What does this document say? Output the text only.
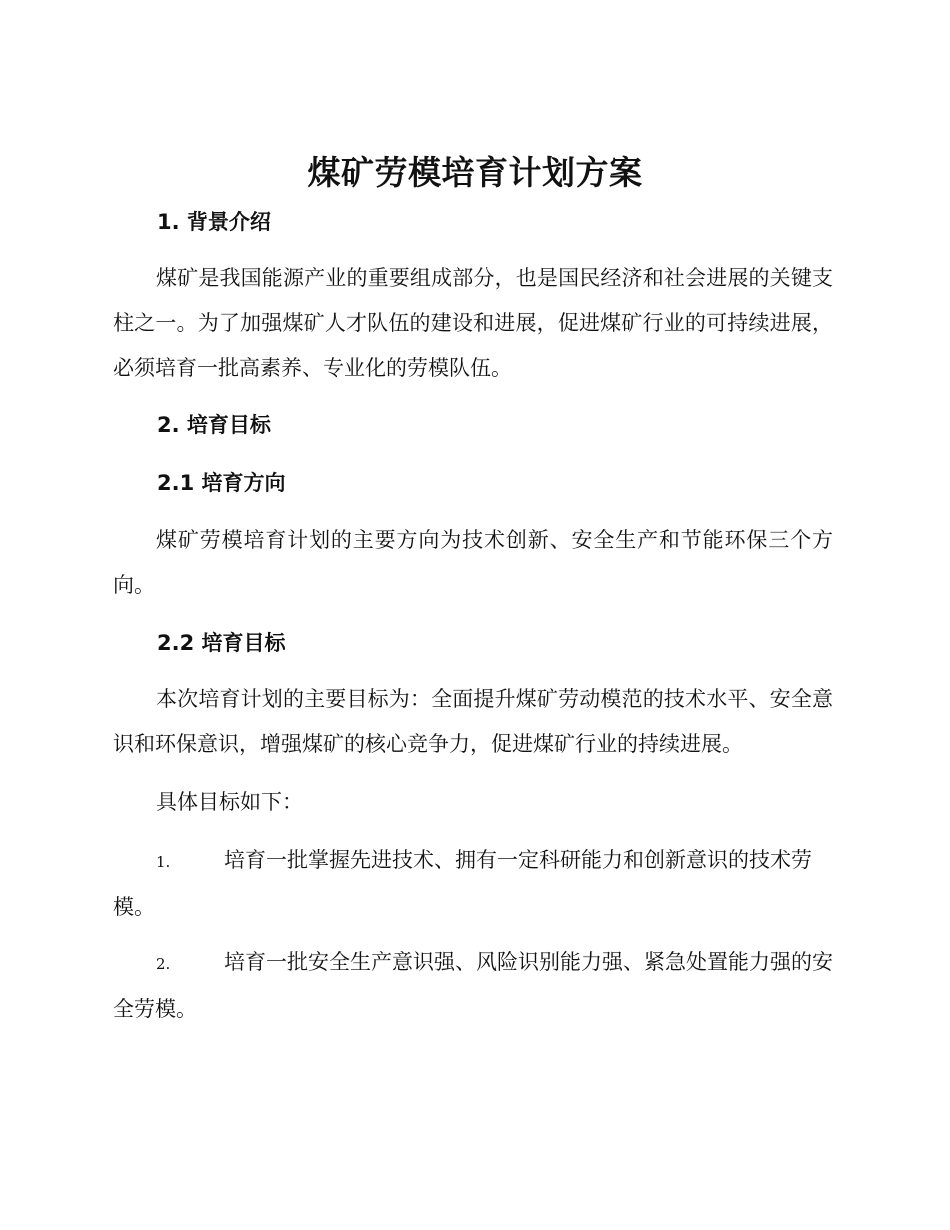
煤矿劳模培育计划方案
1. 背景介绍

煤矿是我国能源产业的重要组成部分，也是国民经济和社会进展的关键支柱之一。为了加强煤矿人才队伍的建设和进展，促进煤矿行业的可持续进展，必须培育一批高素养、专业化的劳模队伍。

2. 培育目标
2.1 培育方向

煤矿劳模培育计划的主要方向为技术创新、安全生产和节能环保三个方向。

2.2 培育目标

本次培育计划的主要目标为：全面提升煤矿劳动模范的技术水平、安全意识和环保意识，增强煤矿的核心竞争力，促进煤矿行业的持续进展。

具体目标如下：

1.	培育一批掌握先进技术、拥有一定科研能力和创新意识的技术劳模。

2.	培育一批安全生产意识强、风险识别能力强、紧急处置能力强的安全劳模。
